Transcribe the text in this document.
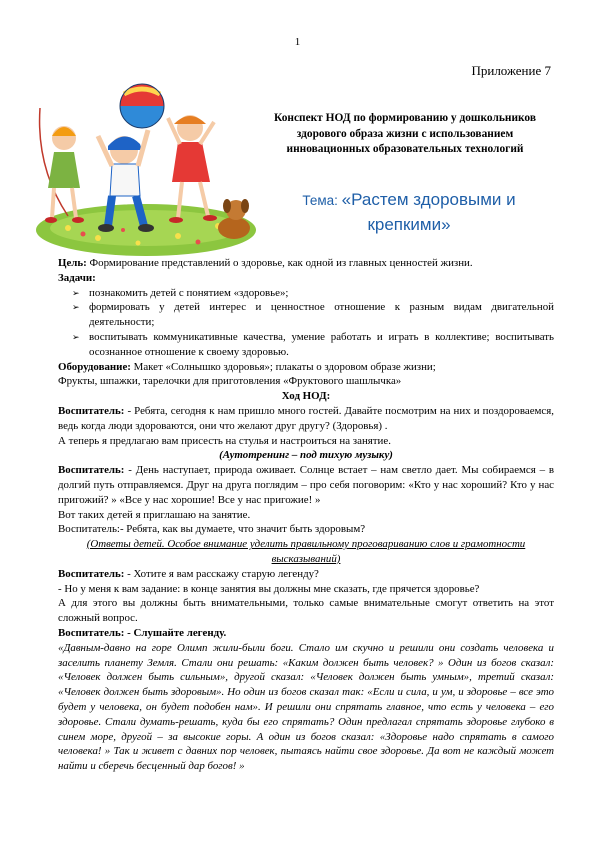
1
Приложение 7
Конспект НОД по формированию у дошкольников здорового образа жизни с использованием инновационных образовательных технологий
Тема: «Растем здоровыми и крепкими»

Цель: Формирование представлений о здоровье, как одной из главных ценностей жизни.

Задачи:

➢ познакомить детей с понятием «здоровье»;
➢ формировать у детей интерес и ценностное отношение к разным видам двигательной деятельности;
➢ воспитывать коммуникативные качества, умение работать и играть в коллективе; воспитывать осознанное отношение к своему здоровью.

Оборудование: Макет «Солнышко здоровья»; плакаты о здоровом образе жизни;

Фрукты, шпажки, тарелочки для приготовления «Фруктового шашлычка»

Ход НОД:

Воспитатель: - Ребята, сегодня к нам пришло много гостей. Давайте посмотрим на них и поздороваемся, ведь когда люди здороваются, они что желают друг другу? (Здоровья) .

А теперь я предлагаю вам присесть на стулья и настроиться на занятие.

(Аутотренинг – под тихую музыку)

Воспитатель: - День наступает, природа оживает. Солнце встает – нам светло дает. Мы собираемся – в долгий путь отправляемся. Друг на друга поглядим – про себя поговорим: «Кто у нас хороший? Кто у нас пригожий? » «Все у нас хорошие! Все у нас пригожие! »

Вот таких детей я приглашаю на занятие.

Воспитатель:- Ребята, как вы думаете, что значит быть здоровым?

(Ответы детей. Особое внимание уделить правильному проговариванию слов и грамотности высказываний)

Воспитатель: - Хотите я вам расскажу старую легенду?

- Но у меня к вам задание: в конце занятия вы должны мне сказать, где прячется здоровье?

А для этого вы должны быть внимательными, только самые внимательные смогут ответить на этот сложный вопрос.

Воспитатель: - Слушайте легенду.

«Давным-давно на горе Олимп жили-были боги. Стало им скучно и решили они создать человека и заселить планету Земля. Стали они решать: «Каким должен быть человек? » Один из богов сказал: «Человек должен быть сильным», другой сказал: «Человек должен быть умным», третий сказал: «Человек должен быть здоровым». Но один из богов сказал так: «Если и сила, и ум, и здоровье – все это будет у человека, он будет подобен нам». И решили они спрятать главное, что есть у человека – его здоровье. Стали думать-решать, куда бы его спрятать? Один предлагал спрятать здоровье глубоко в синем море, другой – за высокие горы. А один из богов сказал: «Здоровье надо спрятать в самого человека! » Так и живет с давних пор человек, пытаясь найти свое здоровье. Да вот не каждый может найти и сберечь бесценный дар богов! »
